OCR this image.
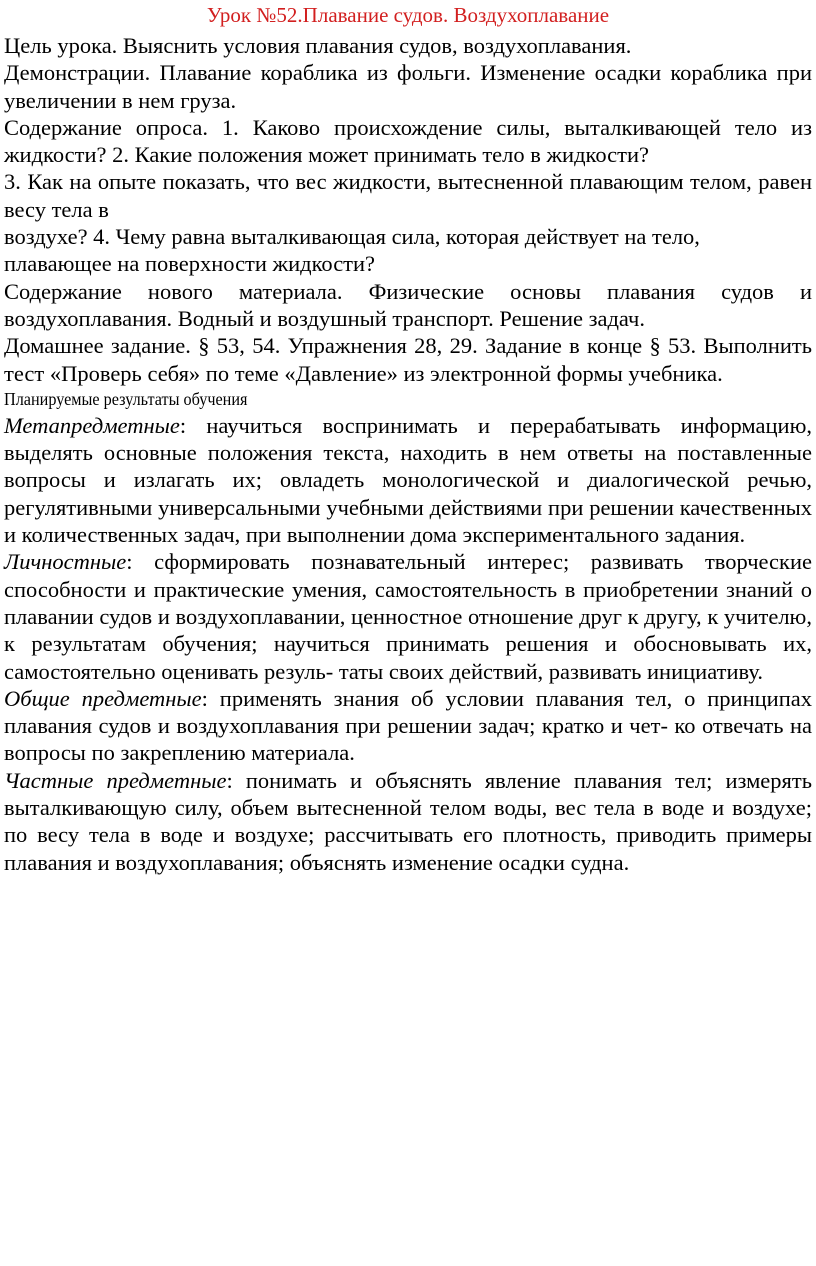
Урок №52.Плавание судов. Воздухоплавание

Цель урока. Выяснить условия плавания судов, воздухоплавания.

Демонстрации. Плавание кораблика из фольги. Изменение осадки кораблика при увеличении в нем груза.

Содержание опроса. 1. Каково происхождение силы, выталкивающей тело из жидкости? 2. Какие положения может принимать тело в жидкости?

3. Как на опыте показать, что вес жидкости, вытесненной плавающим телом, равен весу тела в

воздухе? 4. Чему равна выталкивающая сила, которая действует на тело, плавающее на поверхности жидкости?

Содержание нового материала. Физические основы плавания судов и воздухоплавания. Водный и воздушный транспорт. Решение задач.

Домашнее задание. § 53, 54. Упражнения 28, 29. Задание в конце § 53. Выполнить тест «Проверь себя» по теме «Давление» из электронной формы учебника.

Планируемые результаты обучения

Метапредметные: научиться воспринимать и перерабатывать информацию, выделять основные положения текста, находить в нем ответы на поставленные вопросы и излагать их; овладеть монологической и диалогической речью, регулятивными универсальными учебными действиями при решении качественных и количественных задач, при выполнении дома экспериментального задания.

Личностные: сформировать познавательный интерес; развивать творческие способности и практические умения, самостоятельность в приобретении знаний о плавании судов и воздухоплавании, ценностное отношение друг к другу, к учителю, к результатам обучения; научиться принимать решения и обосновывать их, самостоятельно оценивать резуль- таты своих действий, развивать инициативу.

Общие предметные: применять знания об условии плавания тел, о принципах плавания судов и воздухоплавания при решении задач; кратко и чет- ко отвечать на вопросы по закреплению материала.

Частные предметные: понимать и объяснять явление плавания тел; измерять выталкивающую силу, объем вытесненной телом воды, вес тела в воде и воздухе; по весу тела в воде и воздухе; рассчитывать его плотность, приводить примеры плавания и воздухоплавания; объяснять изменение осадки судна.
